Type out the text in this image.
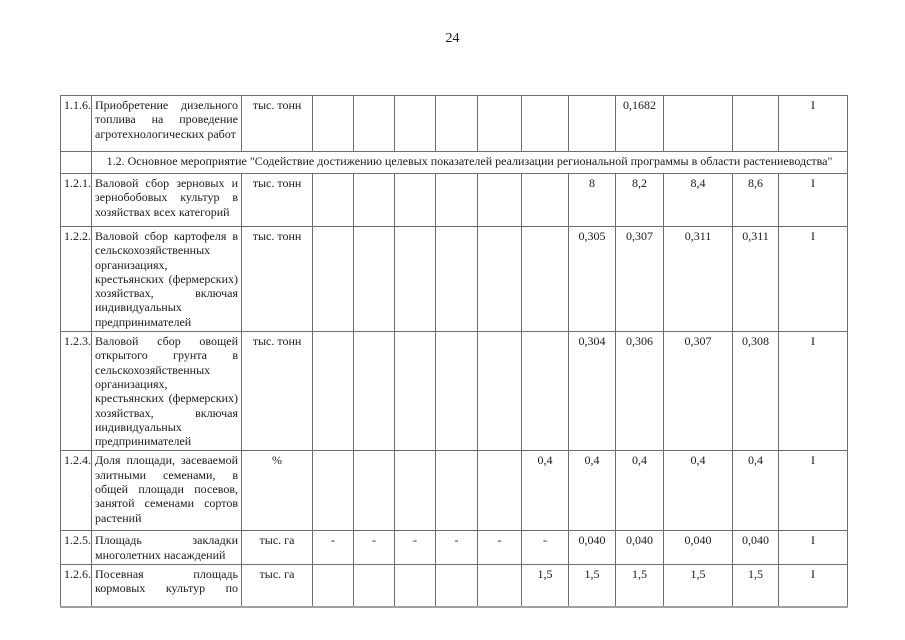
24
1.1.6.	Приобретение дизельного топлива на проведение агротехнологических работ	тыс. тонн								0,1682			I
	1.2. Основное мероприятие "Содействие достижению целевых показателей реализации региональной программы в области растениеводства"												
1.2.1.	Валовой сбор зерновых и зернобобовых культур в хозяйствах всех категорий	тыс. тонн							8	8,2	8,4	8,6	I
1.2.2.	Валовой сбор картофеля в сельскохозяйственных организациях, крестьянских (фермерских) хозяйствах, включая индивидуальных предпринимателей	тыс. тонн							0,305	0,307	0,311	0,311	I
1.2.3.	Валовой сбор овощей открытого грунта в сельскохозяйственных организациях, крестьянских (фермерских) хозяйствах, включая индивидуальных предпринимателей	тыс. тонн							0,304	0,306	0,307	0,308	I
1.2.4.	Доля площади, засеваемой элитными семенами, в общей площади посевов, занятой семенами сортов растений	%						0,4	0,4	0,4	0,4	0,4	I
1.2.5.	Площадь закладки многолетних насаждений	тыс. га	-	-	-	-	-	-	0,040	0,040	0,040	0,040	I
1.2.6.	Посевная площадь кормовых культур по	тыс. га						1,5	1,5	1,5	1,5	1,5	I
